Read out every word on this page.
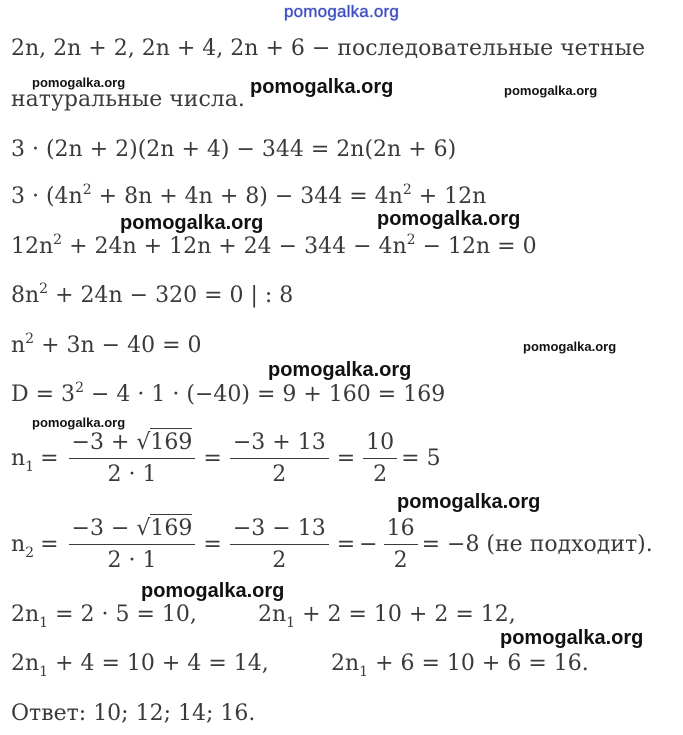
pomogalka.org
pomogalka.org	pomogalka.org	pomogalka.org
pomogalka.org	pomogalka.org
pomogalka.org
pomogalka.org
pomogalka.org
pomogalka.org
pomogalka.org
pomogalka.org
2n, 2n + 2, 2n + 4, 2n + 6 − последовательные четные
натуральные числа.
3 · (2n + 2)(2n + 4) − 344 = 2n(2n + 6)
$3 \cdot (4n^2 + 8n + 4n + 8) - 344 = 4n^2 + 12n$
$12n^2 + 24n + 12n + 24 - 344 - 4n^2 - 12n = 0$
$8n^2 + 24n - 320 = 0$ | : 8
$n^2 + 3n - 40 = 0$
$D = 3^2 - 4 \cdot 1 \cdot (-40) = 9 + 160 = 169$
$n_1 = \frac{-3 + √169}{2 \cdot 1} = \frac{-3 + 13}{2} = \frac{10}{2} = 5$
$n_2 = \frac{-3 - √169}{2 \cdot 1} = \frac{-3 - 13}{2}$ = − $\frac{16}{2} = -8$ (не подходит).
$2n_1 = 2 \cdot 5 = 10$,	$2n_1 + 2 = 10 + 2 = 12$,
$2n_1 + 4 = 10 + 4 = 14$,	$2n_1 + 6 = 10 + 6 = 16$.
Ответ: 10; 12; 14; 16.
